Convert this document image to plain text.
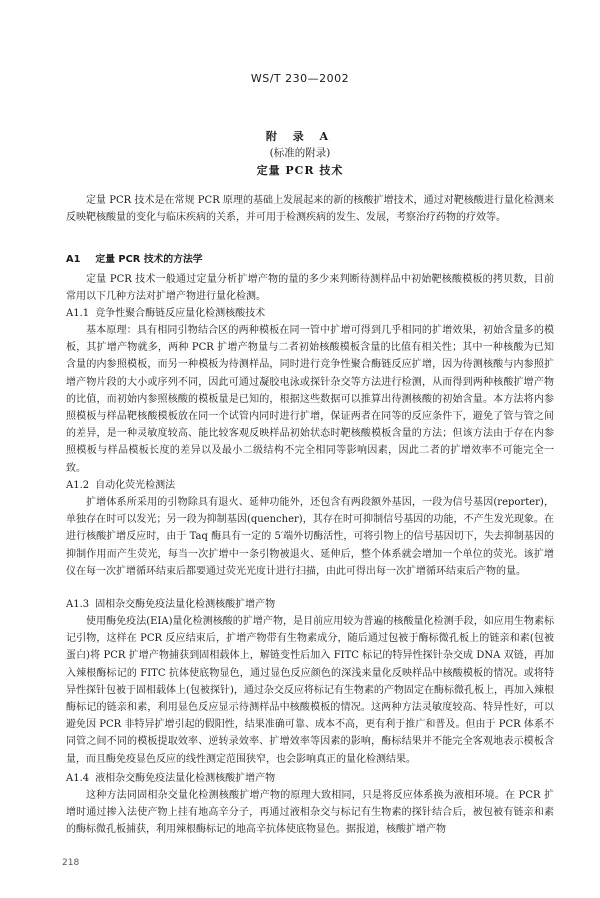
WS/T 230—2002
附 录 A
(标准的附录)
定量 PCR 技术

定量 PCR 技术是在常规 PCR 原理的基础上发展起来的新的核酸扩增技术，通过对靶核酸进行量化检测来反映靶核酸量的变化与临床疾病的关系，并可用于检测疾病的发生、发展，考察治疗药物的疗效等。

A1 定量 PCR 技术的方法学

定量 PCR 技术一般通过定量分析扩增产物的量的多少来判断待测样品中初始靶核酸模板的拷贝数，目前常用以下几种方法对扩增产物进行量化检测。

A1.1 竞争性聚合酶链反应量化检测核酸技术

基本原理：具有相同引物结合区的两种模板在同一管中扩增可得到几乎相同的扩增效果，初始含量多的模板，其扩增产物就多，两种 PCR 扩增产物量与二者初始核酸模板含量的比值有相关性；其中一种核酸为已知含量的内参照模板，而另一种模板为待测样品，同时进行竞争性聚合酶链反应扩增，因为待测核酸与内参照扩增产物片段的大小或序列不同，因此可通过凝胶电泳或探针杂交等方法进行检测，从而得到两种核酸扩增产物的比值，而初始内参照核酸的模板量是已知的，根据这些数据可以推算出待测核酸的初始含量。本方法将内参照模板与样品靶核酸模板放在同一个试管内同时进行扩增，保证两者在同等的反应条件下，避免了管与管之间的差异，是一种灵敏度较高、能比较客观反映样品初始状态时靶核酸模板含量的方法；但该方法由于存在内参照模板与样品模板长度的差异以及最小二级结构不完全相同等影响因素，因此二者的扩增效率不可能完全一致。

A1.2 自动化荧光检测法

扩增体系所采用的引物除具有退火、延伸功能外，还包含有两段额外基因，一段为信号基因(reporter)，单独存在时可以发光；另一段为抑制基因(quencher)，其存在时可抑制信号基因的功能，不产生发光现象。在进行核酸扩增反应时，由于 Taq 酶具有一定的 5′端外切酶活性，可将引物上的信号基因切下，失去抑制基因的抑制作用而产生荧光，每当一次扩增中一条引物被退火、延伸后，整个体系就会增加一个单位的荧光。该扩增仪在每一次扩增循环结束后都要通过荧光光度计进行扫描，由此可得出每一次扩增循环结束后产物的量。

A1.3 固相杂交酶免疫法量化检测核酸扩增产物

使用酶免疫法(EIA)量化检测核酸的扩增产物，是目前应用较为普遍的核酸量化检测手段，如应用生物素标记引物，这样在 PCR 反应结束后，扩增产物带有生物素成分，随后通过包被于酶标微孔板上的链亲和素(包被蛋白)将 PCR 扩增产物捕获到固相载体上，解链变性后加入 FITC 标记的特异性探针杂交成 DNA 双链，再加入辣根酶标记的 FITC 抗体使底物显色，通过显色反应颜色的深浅来量化反映样品中核酸模板的情况。或将特异性探针包被于固相载体上(包被探针)，通过杂交反应将标记有生物素的产物固定在酶标微孔板上，再加入辣根酶标记的链亲和素，利用显色反应显示待测样品中核酸模板的情况。这两种方法灵敏度较高、特异性好，可以避免因 PCR 非特异扩增引起的假阳性，结果准确可靠、成本不高，更有利于推广和普及。但由于 PCR 体系不同管之间不同的模板提取效率、逆转录效率、扩增效率等因素的影响，酶标结果并不能完全客观地表示模板含量，而且酶免疫显色反应的线性测定范围狭窄，也会影响真正的量化检测结果。

A1.4 液相杂交酶免疫法量化检测核酸扩增产物

这种方法同固相杂交量化检测核酸扩增产物的原理大致相同，只是将反应体系换为液相环境。在 PCR 扩增时通过掺入法使产物上挂有地高辛分子，再通过液相杂交与标记有生物素的探针结合后，被包被有链亲和素的酶标微孔板捕获，利用辣根酶标记的地高辛抗体使底物显色。据报道，核酸扩增产物

218
